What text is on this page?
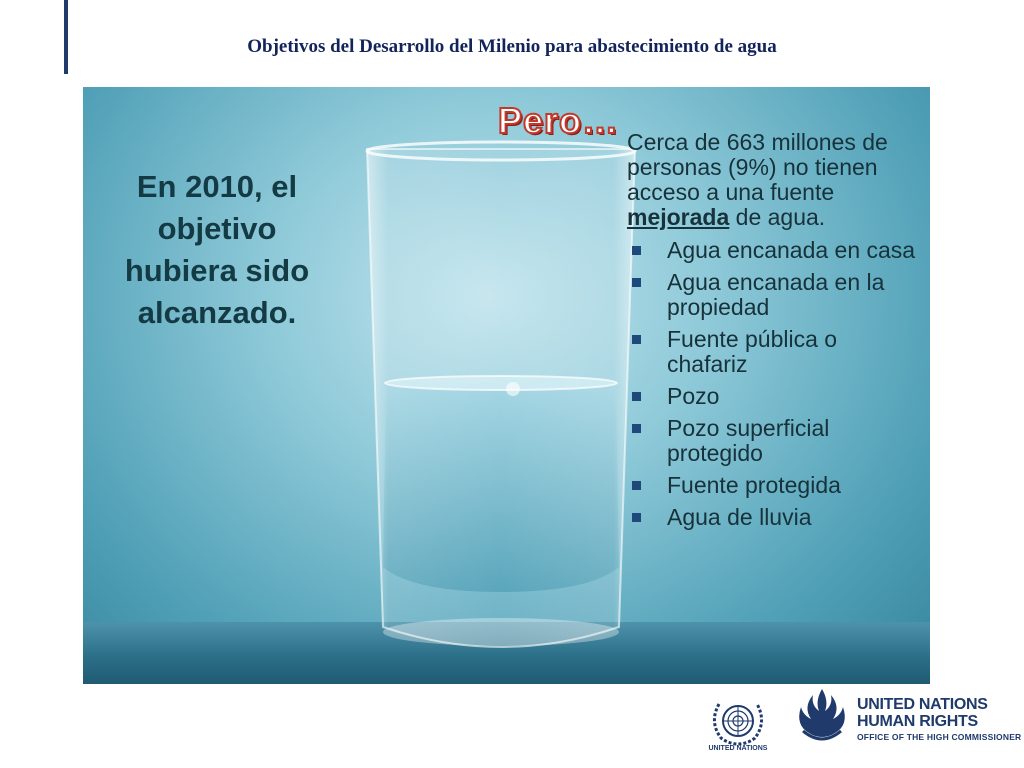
Objetivos del Desarrollo del Milenio para abastecimiento de agua
En 2010, el objetivo hubiera sido alcanzado.
Pero…

Cerca de 663 millones de personas (9%) no tienen acceso a una fuente mejorada de agua.

Agua encanada en casa
Agua encanada en la propiedad
Fuente pública o chafariz
Pozo
Pozo superficial protegido
Fuente protegida
Agua de lluvia
UNITED NATIONS
UNITED NATIONS
HUMAN RIGHTS
OFFICE OF THE HIGH COMMISSIONER
